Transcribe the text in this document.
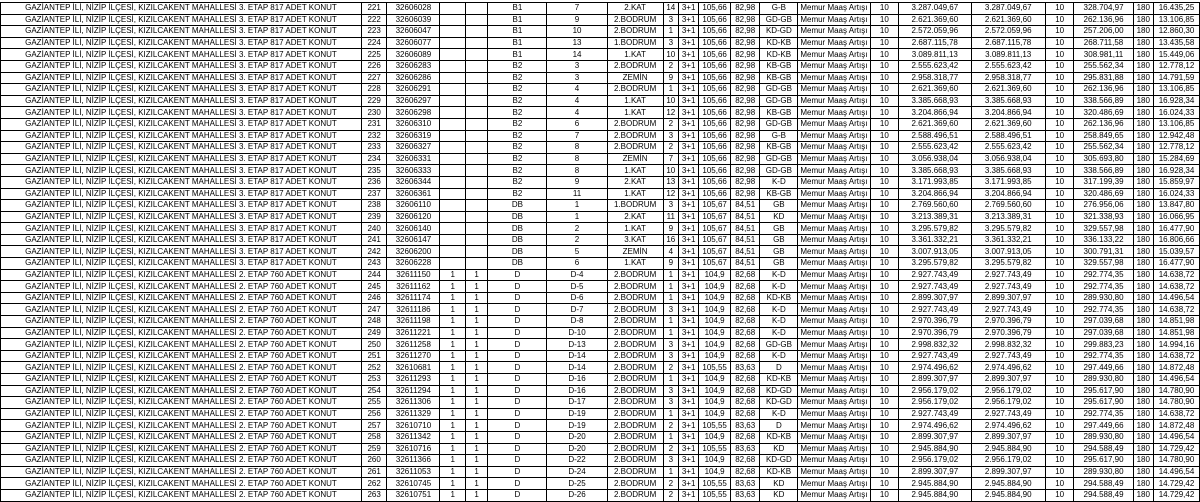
GAZİANTEP İLİ, NİZİP İLÇESİ, KIZILCAKENT MAHALLESİ 3. ETAP 817 ADET KONUT	221	32606028			B1	7	2.KAT	14	3+1	105,66	82,98	G-B	Memur Maaş Artışı	10	3.287.049,67	3.287.049,67	10	328.704,97	180	16.435,25
GAZİANTEP İLİ, NİZİP İLÇESİ, KIZILCAKENT MAHALLESİ 3. ETAP 817 ADET KONUT	222	32606039			B1	9	2.BODRUM	3	3+1	105,66	82,98	GD-GB	Memur Maaş Artışı	10	2.621.369,60	2.621.369,60	10	262.136,96	180	13.106,85
GAZİANTEP İLİ, NİZİP İLÇESİ, KIZILCAKENT MAHALLESİ 3. ETAP 817 ADET KONUT	223	32606047			B1	10	2.BODRUM	1	3+1	105,66	82,98	KD-GD	Memur Maaş Artışı	10	2.572.059,96	2.572.059,96	10	257.206,00	180	12.860,30
GAZİANTEP İLİ, NİZİP İLÇESİ, KIZILCAKENT MAHALLESİ 3. ETAP 817 ADET KONUT	224	32606077			B1	13	1.BODRUM	3	3+1	105,66	82,98	KD-KB	Memur Maaş Artışı	10	2.687.115,78	2.687.115,78	10	268.711,58	180	13.435,58
GAZİANTEP İLİ, NİZİP İLÇESİ, KIZILCAKENT MAHALLESİ 3. ETAP 817 ADET KONUT	225	32606089			B1	14	1.KAT	10	3+1	105,66	82,98	KD-KB	Memur Maaş Artışı	10	3.089.811,13	3.089.811,13	10	308.981,11	180	15.449,06
GAZİANTEP İLİ, NİZİP İLÇESİ, KIZILCAKENT MAHALLESİ 3. ETAP 817 ADET KONUT	226	32606283			B2	3	2.BODRUM	2	3+1	105,66	82,98	KB-GB	Memur Maaş Artışı	10	2.555.623,42	2.555.623,42	10	255.562,34	180	12.778,12
GAZİANTEP İLİ, NİZİP İLÇESİ, KIZILCAKENT MAHALLESİ 3. ETAP 817 ADET KONUT	227	32606286			B2	3	ZEMİN	9	3+1	105,66	82,98	KB-GB	Memur Maaş Artışı	10	2.958.318,77	2.958.318,77	10	295.831,88	180	14.791,59
GAZİANTEP İLİ, NİZİP İLÇESİ, KIZILCAKENT MAHALLESİ 3. ETAP 817 ADET KONUT	228	32606291			B2	4	2.BODRUM	1	3+1	105,66	82,98	GD-GB	Memur Maaş Artışı	10	2.621.369,60	2.621.369,60	10	262.136,96	180	13.106,85
GAZİANTEP İLİ, NİZİP İLÇESİ, KIZILCAKENT MAHALLESİ 3. ETAP 817 ADET KONUT	229	32606297			B2	4	1.KAT	10	3+1	105,66	82,98	GD-GB	Memur Maaş Artışı	10	3.385.668,93	3.385.668,93	10	338.566,89	180	16.928,34
GAZİANTEP İLİ, NİZİP İLÇESİ, KIZILCAKENT MAHALLESİ 3. ETAP 817 ADET KONUT	230	32606298			B2	4	1.KAT	12	3+1	105,66	82,98	KB-GB	Memur Maaş Artışı	10	3.204.866,94	3.204.866,94	10	320.486,69	180	16.024,33
GAZİANTEP İLİ, NİZİP İLÇESİ, KIZILCAKENT MAHALLESİ 3. ETAP 817 ADET KONUT	231	32606310			B2	6	2.BODRUM	2	3+1	105,66	82,98	GD-GB	Memur Maaş Artışı	10	2.621.369,60	2.621.369,60	10	262.136,96	180	13.106,85
GAZİANTEP İLİ, NİZİP İLÇESİ, KIZILCAKENT MAHALLESİ 3. ETAP 817 ADET KONUT	232	32606319			B2	7	2.BODRUM	3	3+1	105,66	82,98	G-B	Memur Maaş Artışı	10	2.588.496,51	2.588.496,51	10	258.849,65	180	12.942,48
GAZİANTEP İLİ, NİZİP İLÇESİ, KIZILCAKENT MAHALLESİ 3. ETAP 817 ADET KONUT	233	32606327			B2	8	2.BODRUM	2	3+1	105,66	82,98	KB-GB	Memur Maaş Artışı	10	2.555.623,42	2.555.623,42	10	255.562,34	180	12.778,12
GAZİANTEP İLİ, NİZİP İLÇESİ, KIZILCAKENT MAHALLESİ 3. ETAP 817 ADET KONUT	234	32606331			B2	8	ZEMİN	7	3+1	105,66	82,98	GD-GB	Memur Maaş Artışı	10	3.056.938,04	3.056.938,04	10	305.693,80	180	15.284,69
GAZİANTEP İLİ, NİZİP İLÇESİ, KIZILCAKENT MAHALLESİ 3. ETAP 817 ADET KONUT	235	32606333			B2	8	1.KAT	10	3+1	105,66	82,98	GD-GB	Memur Maaş Artışı	10	3.385.668,93	3.385.668,93	10	338.566,89	180	16.928,34
GAZİANTEP İLİ, NİZİP İLÇESİ, KIZILCAKENT MAHALLESİ 3. ETAP 817 ADET KONUT	236	32606344			B2	9	2.KAT	13	3+1	105,66	82,98	K-D	Memur Maaş Artışı	10	3.171.993,85	3.171.993,85	10	317.199,39	180	15.859,97
GAZİANTEP İLİ, NİZİP İLÇESİ, KIZILCAKENT MAHALLESİ 3. ETAP 817 ADET KONUT	237	32606361			B2	11	1.KAT	12	3+1	105,66	82,98	KB-GB	Memur Maaş Artışı	10	3.204.866,94	3.204.866,94	10	320.486,69	180	16.024,33
GAZİANTEP İLİ, NİZİP İLÇESİ, KIZILCAKENT MAHALLESİ 3. ETAP 817 ADET KONUT	238	32606110			DB	1	1.BODRUM	3	3+1	105,67	84,51	GB	Memur Maaş Artışı	10	2.769.560,60	2.769.560,60	10	276.956,06	180	13.847,80
GAZİANTEP İLİ, NİZİP İLÇESİ, KIZILCAKENT MAHALLESİ 3. ETAP 817 ADET KONUT	239	32606120			DB	1	2.KAT	11	3+1	105,67	84,51	KD	Memur Maaş Artışı	10	3.213.389,31	3.213.389,31	10	321.338,93	180	16.066,95
GAZİANTEP İLİ, NİZİP İLÇESİ, KIZILCAKENT MAHALLESİ 3. ETAP 817 ADET KONUT	240	32606140			DB	2	1.KAT	9	3+1	105,67	84,51	GB	Memur Maaş Artışı	10	3.295.579,82	3.295.579,82	10	329.557,98	180	16.477,90
GAZİANTEP İLİ, NİZİP İLÇESİ, KIZILCAKENT MAHALLESİ 3. ETAP 817 ADET KONUT	241	32606147			DB	2	3.KAT	16	3+1	105,67	84,51	GB	Memur Maaş Artışı	10	3.361.332,21	3.361.332,21	10	336.133,22	180	16.806,66
GAZİANTEP İLİ, NİZİP İLÇESİ, KIZILCAKENT MAHALLESİ 3. ETAP 817 ADET KONUT	242	32606200			DB	5	ZEMİN	4	3+1	105,67	84,51	GB	Memur Maaş Artışı	10	3.007.913,05	3.007.913,05	10	300.791,31	180	15.039,57
GAZİANTEP İLİ, NİZİP İLÇESİ, KIZILCAKENT MAHALLESİ 3. ETAP 817 ADET KONUT	243	32606228			DB	6	1.KAT	9	3+1	105,67	84,51	GB	Memur Maaş Artışı	10	3.295.579,82	3.295.579,82	10	329.557,98	180	16.477,90
GAZİANTEP İLİ, NİZİP İLÇESİ, KIZILCAKENT MAHALLESİ 2. ETAP 760 ADET KONUT	244	32611150	1	1	D	D-4	2.BODRUM	1	3+1	104,9	82,68	K-D	Memur Maaş Artışı	10	2.927.743,49	2.927.743,49	10	292.774,35	180	14.638,72
GAZİANTEP İLİ, NİZİP İLÇESİ, KIZILCAKENT MAHALLESİ 2. ETAP 760 ADET KONUT	245	32611162	1	1	D	D-5	2.BODRUM	1	3+1	104,9	82,68	K-D	Memur Maaş Artışı	10	2.927.743,49	2.927.743,49	10	292.774,35	180	14.638,72
GAZİANTEP İLİ, NİZİP İLÇESİ, KIZILCAKENT MAHALLESİ 2. ETAP 760 ADET KONUT	246	32611174	1	1	D	D-6	2.BODRUM	1	3+1	104,9	82,68	KD-KB	Memur Maaş Artışı	10	2.899.307,97	2.899.307,97	10	289.930,80	180	14.496,54
GAZİANTEP İLİ, NİZİP İLÇESİ, KIZILCAKENT MAHALLESİ 2. ETAP 760 ADET KONUT	247	32611186	1	1	D	D-7	2.BODRUM	3	3+1	104,9	82,68	K-D	Memur Maaş Artışı	10	2.927.743,49	2.927.743,49	10	292.774,35	180	14.638,72
GAZİANTEP İLİ, NİZİP İLÇESİ, KIZILCAKENT MAHALLESİ 2. ETAP 760 ADET KONUT	248	32611198	1	1	D	D-8	2.BODRUM	1	3+1	104,9	82,68	K-D	Memur Maaş Artışı	10	2.970.396,79	2.970.396,79	10	297.039,68	180	14.851,98
GAZİANTEP İLİ, NİZİP İLÇESİ, KIZILCAKENT MAHALLESİ 2. ETAP 760 ADET KONUT	249	32611221	1	1	D	D-10	2.BODRUM	1	3+1	104,9	82,68	K-D	Memur Maaş Artışı	10	2.970.396,79	2.970.396,79	10	297.039,68	180	14.851,98
GAZİANTEP İLİ, NİZİP İLÇESİ, KIZILCAKENT MAHALLESİ 2. ETAP 760 ADET KONUT	250	32611258	1	1	D	D-13	2.BODRUM	3	3+1	104,9	82,68	GD-GB	Memur Maaş Artışı	10	2.998.832,32	2.998.832,32	10	299.883,23	180	14.994,16
GAZİANTEP İLİ, NİZİP İLÇESİ, KIZILCAKENT MAHALLESİ 2. ETAP 760 ADET KONUT	251	32611270	1	1	D	D-14	2.BODRUM	3	3+1	104,9	82,68	K-D	Memur Maaş Artışı	10	2.927.743,49	2.927.743,49	10	292.774,35	180	14.638,72
GAZİANTEP İLİ, NİZİP İLÇESİ, KIZILCAKENT MAHALLESİ 2. ETAP 760 ADET KONUT	252	32610681	1	1	D	D-14	2.BODRUM	2	3+1	105,55	83,63	D	Memur Maaş Artışı	10	2.974.496,62	2.974.496,62	10	297.449,66	180	14.872,48
GAZİANTEP İLİ, NİZİP İLÇESİ, KIZILCAKENT MAHALLESİ 2. ETAP 760 ADET KONUT	253	32611293	1	1	D	D-16	2.BODRUM	1	3+1	104,9	82,68	KD-KB	Memur Maaş Artışı	10	2.899.307,97	2.899.307,97	10	289.930,80	180	14.496,54
GAZİANTEP İLİ, NİZİP İLÇESİ, KIZILCAKENT MAHALLESİ 2. ETAP 760 ADET KONUT	254	32611294	1	1	D	D-16	2.BODRUM	3	3+1	104,9	82,68	KD-GD	Memur Maaş Artışı	10	2.956.179,02	2.956.179,02	10	295.617,90	180	14.780,90
GAZİANTEP İLİ, NİZİP İLÇESİ, KIZILCAKENT MAHALLESİ 2. ETAP 760 ADET KONUT	255	32611306	1	1	D	D-17	2.BODRUM	3	3+1	104,9	82,68	KD-GD	Memur Maaş Artışı	10	2.956.179,02	2.956.179,02	10	295.617,90	180	14.780,90
GAZİANTEP İLİ, NİZİP İLÇESİ, KIZILCAKENT MAHALLESİ 2. ETAP 760 ADET KONUT	256	32611329	1	1	D	D-19	2.BODRUM	1	3+1	104,9	82,68	K-D	Memur Maaş Artışı	10	2.927.743,49	2.927.743,49	10	292.774,35	180	14.638,72
GAZİANTEP İLİ, NİZİP İLÇESİ, KIZILCAKENT MAHALLESİ 2. ETAP 760 ADET KONUT	257	32610710	1	1	D	D-19	2.BODRUM	2	3+1	105,55	83,63	D	Memur Maaş Artışı	10	2.974.496,62	2.974.496,62	10	297.449,66	180	14.872,48
GAZİANTEP İLİ, NİZİP İLÇESİ, KIZILCAKENT MAHALLESİ 2. ETAP 760 ADET KONUT	258	32611342	1	1	D	D-20	2.BODRUM	1	3+1	104,9	82,68	KD-KB	Memur Maaş Artışı	10	2.899.307,97	2.899.307,97	10	289.930,80	180	14.496,54
GAZİANTEP İLİ, NİZİP İLÇESİ, KIZILCAKENT MAHALLESİ 2. ETAP 760 ADET KONUT	259	32610716	1	1	D	D-20	2.BODRUM	2	3+1	105,55	83,63	KD	Memur Maaş Artışı	10	2.945.884,90	2.945.884,90	10	294.588,49	180	14.729,42
GAZİANTEP İLİ, NİZİP İLÇESİ, KIZILCAKENT MAHALLESİ 2. ETAP 760 ADET KONUT	260	32611366	1	1	D	D-22	2.BODRUM	3	3+1	104,9	82,68	KD-GD	Memur Maaş Artışı	10	2.956.179,02	2.956.179,02	10	295.617,90	180	14.780,90
GAZİANTEP İLİ, NİZİP İLÇESİ, KIZILCAKENT MAHALLESİ 2. ETAP 760 ADET KONUT	261	32611053	1	1	D	D-24	2.BODRUM	1	3+1	104,9	82,68	KD-KB	Memur Maaş Artışı	10	2.899.307,97	2.899.307,97	10	289.930,80	180	14.496,54
GAZİANTEP İLİ, NİZİP İLÇESİ, KIZILCAKENT MAHALLESİ 2. ETAP 760 ADET KONUT	262	32610745	1	1	D	D-25	2.BODRUM	2	3+1	105,55	83,63	KD	Memur Maaş Artışı	10	2.945.884,90	2.945.884,90	10	294.588,49	180	14.729,42
GAZİANTEP İLİ, NİZİP İLÇESİ, KIZILCAKENT MAHALLESİ 2. ETAP 760 ADET KONUT	263	32610751	1	1	D	D-26	2.BODRUM	2	3+1	105,55	83,63	KD	Memur Maaş Artışı	10	2.945.884,90	2.945.884,90	10	294.588,49	180	14.729,42
